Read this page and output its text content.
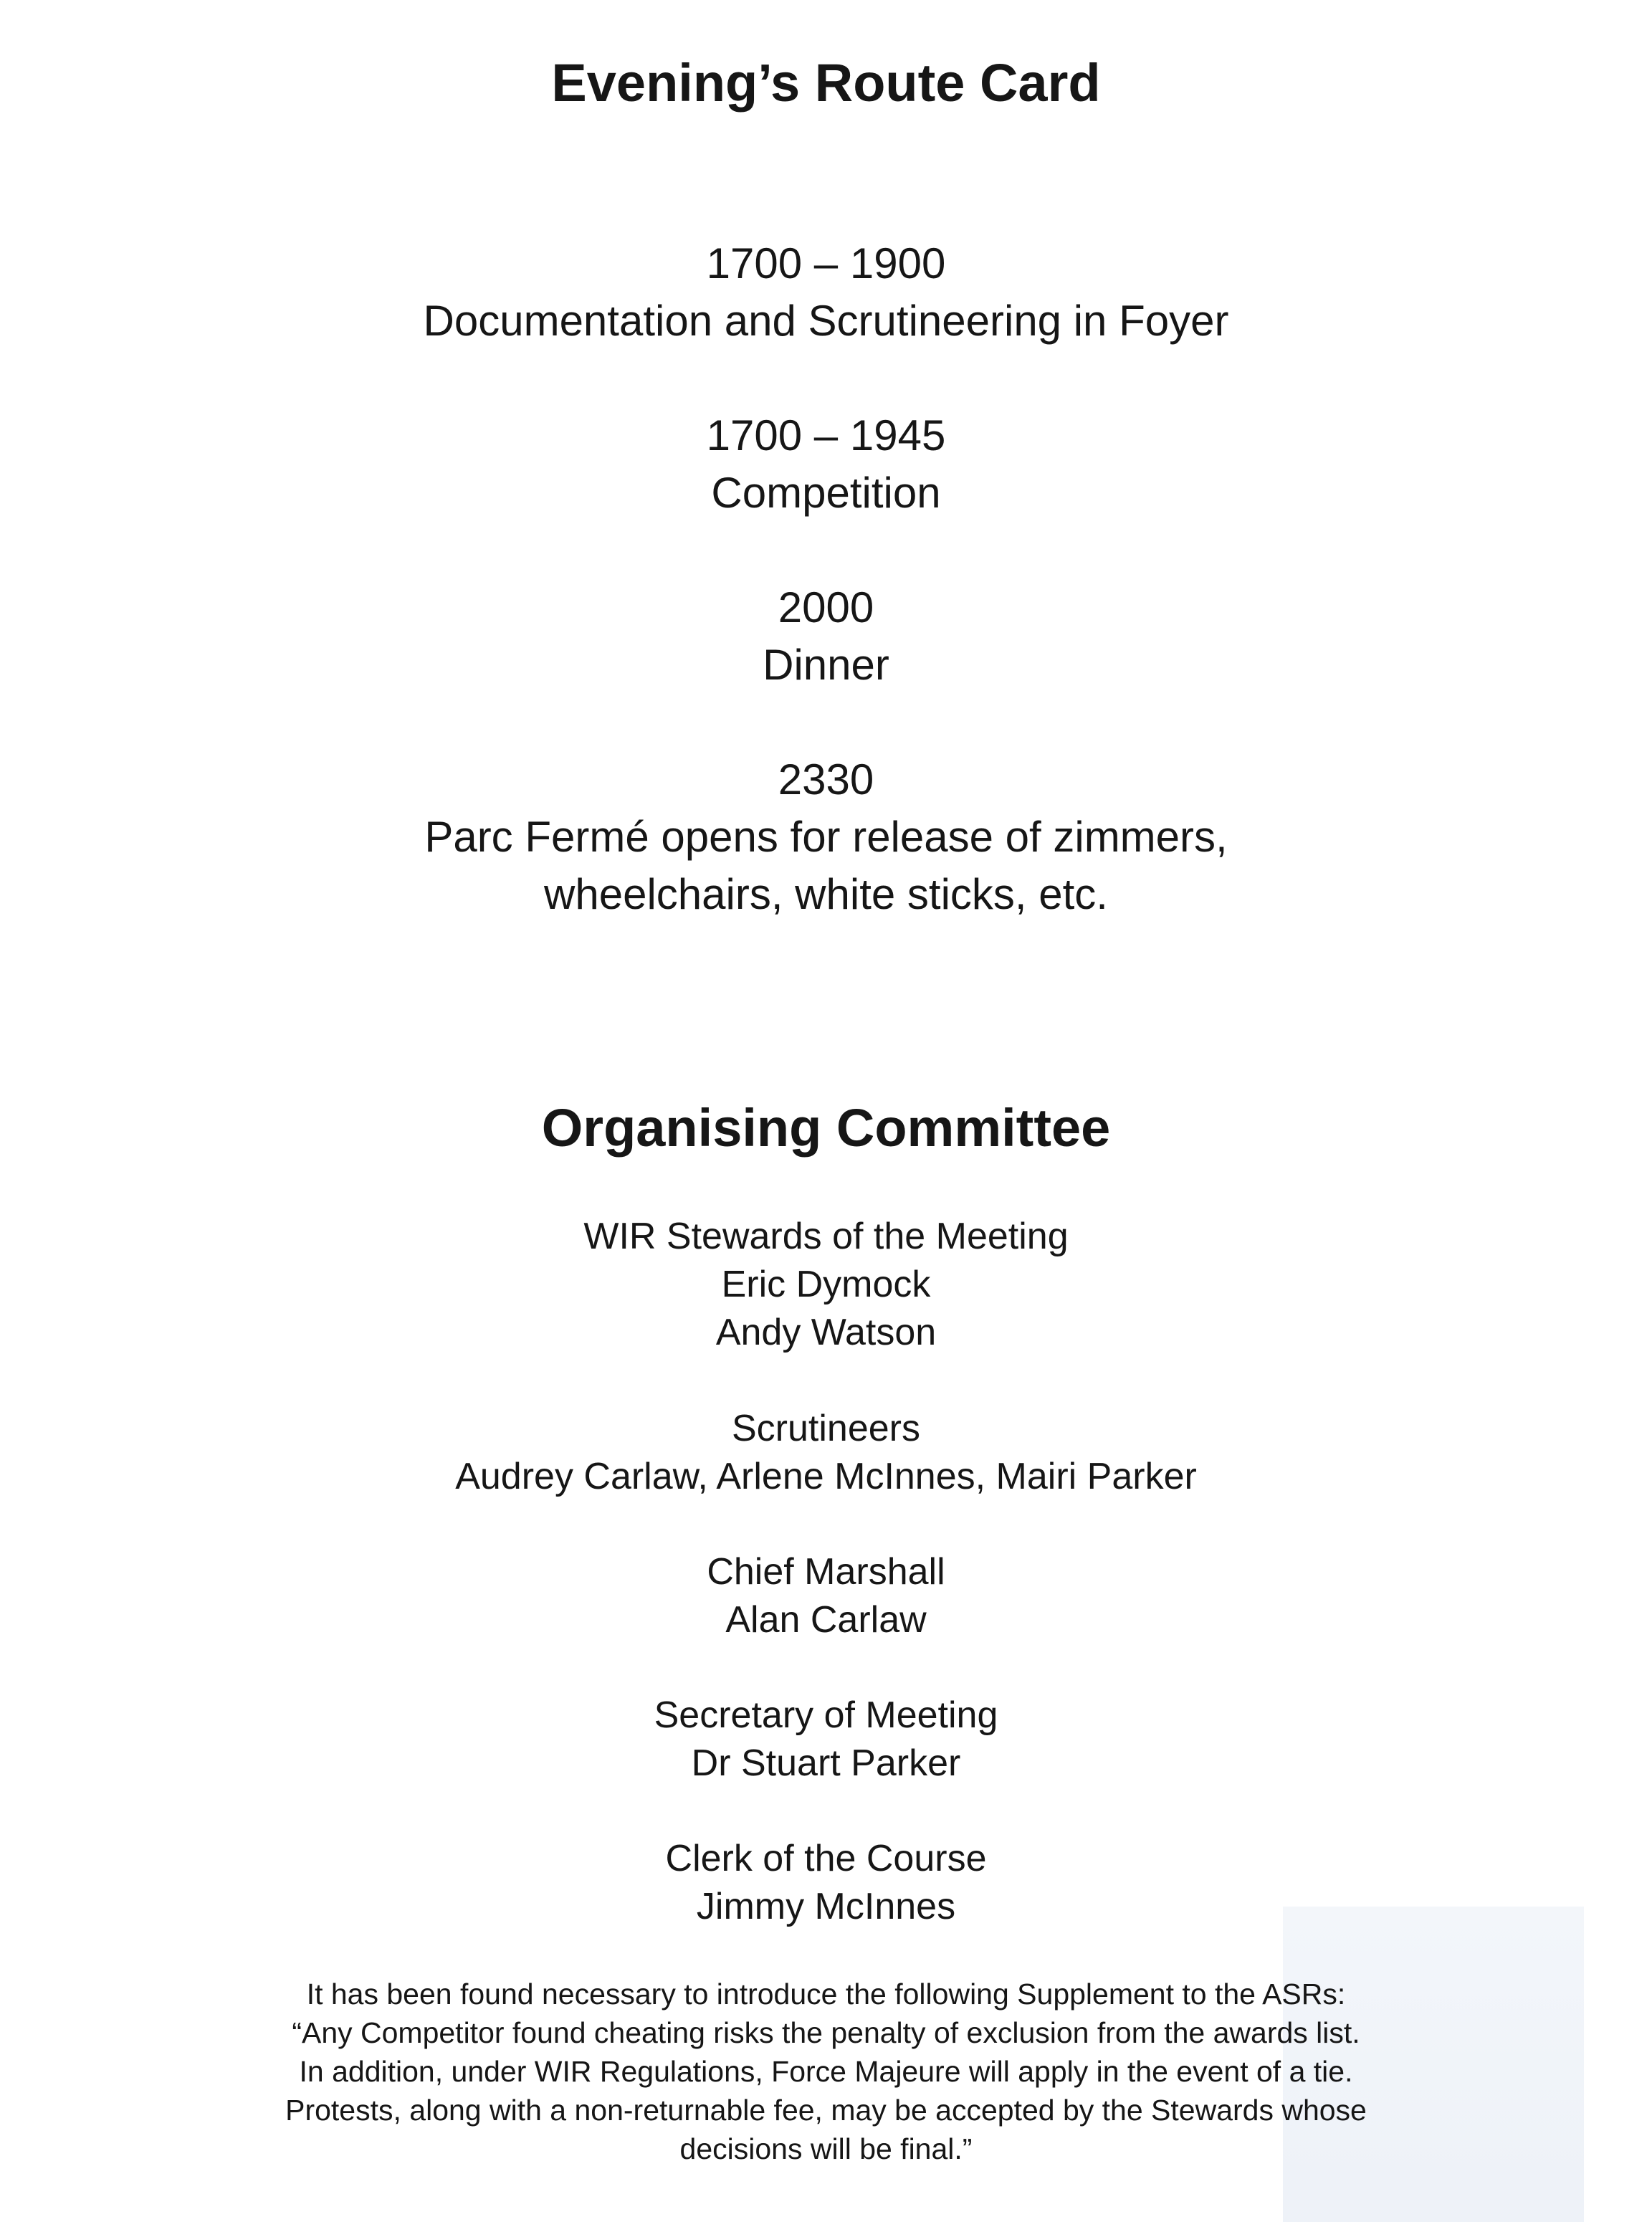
Evening’s Route Card
1700 – 1900
Documentation and Scrutineering in Foyer
1700 – 1945
Competition
2000
Dinner
2330
Parc Fermé opens for release of zimmers,
wheelchairs, white sticks, etc.
Organising Committee
WIR Stewards of the Meeting
Eric Dymock
Andy Watson
Scrutineers
Audrey Carlaw, Arlene McInnes, Mairi Parker
Chief Marshall
Alan Carlaw
Secretary of Meeting
Dr Stuart Parker
Clerk of the Course
Jimmy McInnes
It has been found necessary to introduce the following Supplement to the ASRs:
“Any Competitor found cheating risks the penalty of exclusion from the awards list.
In addition, under WIR Regulations, Force Majeure will apply in the event of a tie.
Protests, along with a non-returnable fee, may be accepted by the Stewards whose
decisions will be final.”
